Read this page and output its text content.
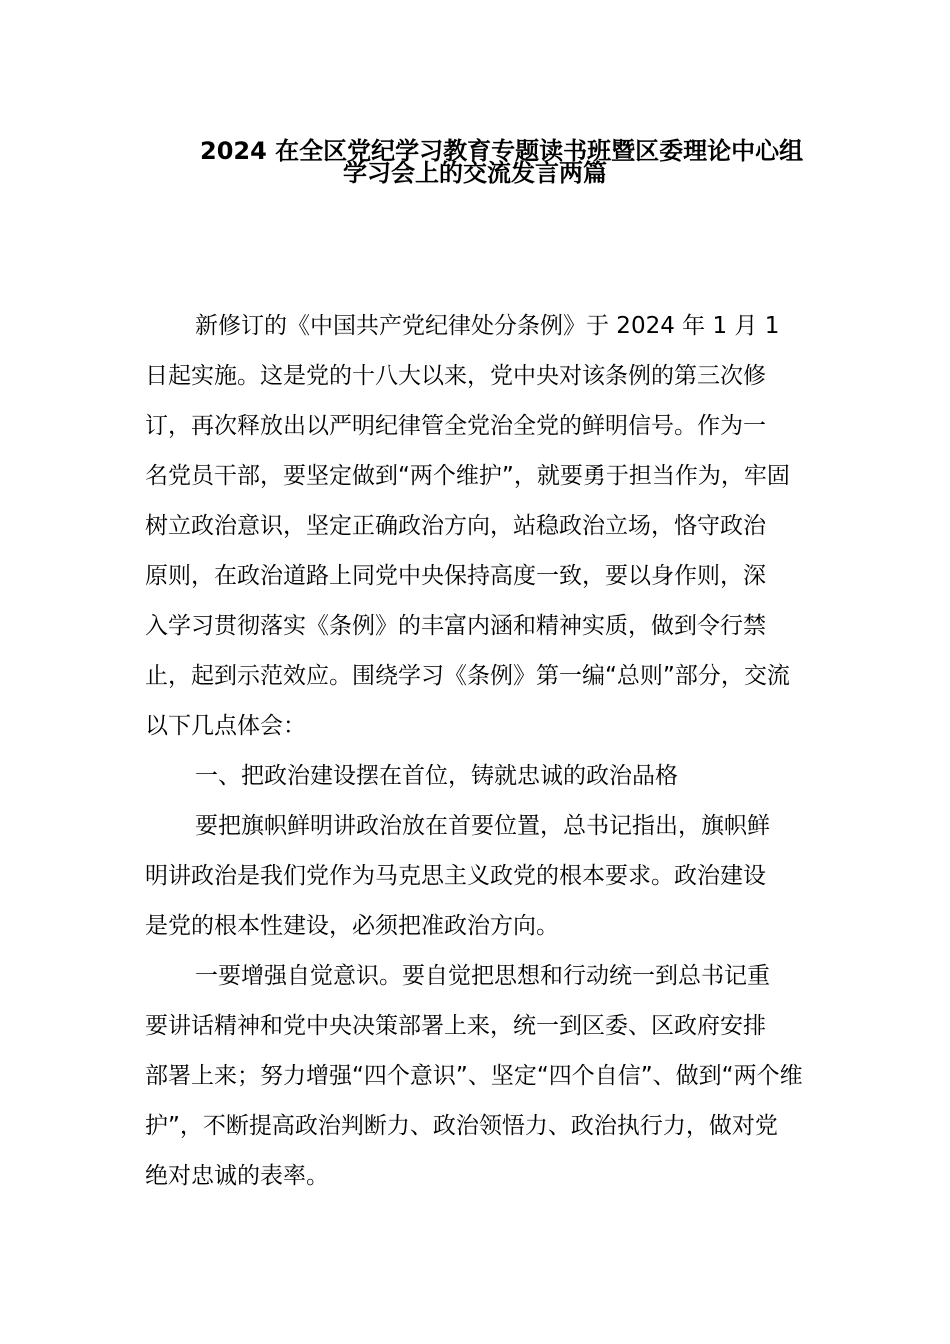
2024 在全区党纪学习教育专题读书班暨区委理论中心组
学习会上的交流发言两篇
新修订的《中国共产党纪律处分条例》于 2024 年 1 月 1
日起实施。这是党的十八大以来，党中央对该条例的第三次修
订，再次释放出以严明纪律管全党治全党的鲜明信号。作为一
名党员干部，要坚定做到“两个维护”，就要勇于担当作为，牢固
树立政治意识，坚定正确政治方向，站稳政治立场，恪守政治
原则，在政治道路上同党中央保持高度一致，要以身作则，深
入学习贯彻落实《条例》的丰富内涵和精神实质，做到令行禁
止，起到示范效应。围绕学习《条例》第一编“总则”部分，交流
以下几点体会：
一、把政治建设摆在首位，铸就忠诚的政治品格
要把旗帜鲜明讲政治放在首要位置，总书记指出，旗帜鲜
明讲政治是我们党作为马克思主义政党的根本要求。政治建设
是党的根本性建设，必须把准政治方向。
一要增强自觉意识。要自觉把思想和行动统一到总书记重
要讲话精神和党中央决策部署上来，统一到区委、区政府安排
部署上来；努力增强“四个意识”、坚定“四个自信”、做到“两个维
护”，不断提高政治判断力、政治领悟力、政治执行力，做对党
绝对忠诚的表率。
